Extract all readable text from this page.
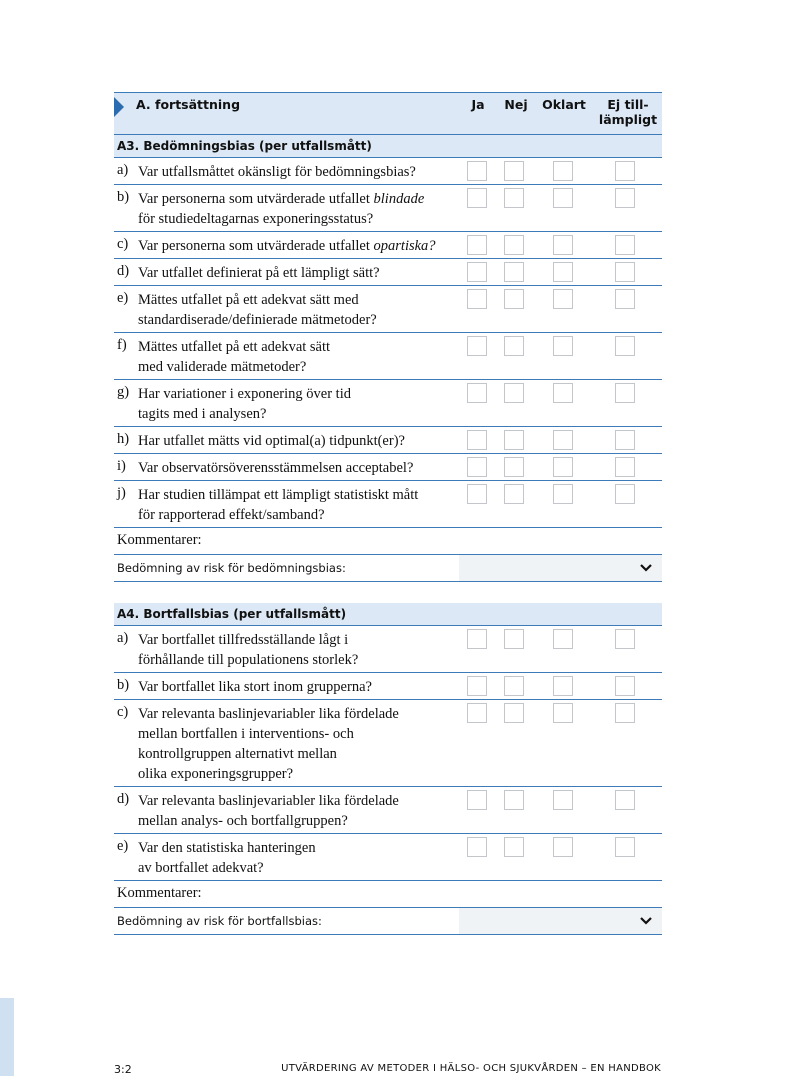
A. fortsättning	Ja	Nej Oklart	Ej till-
lämpligt
A3. Bedömningsbias (per utfallsmått)
a) Var utfallsmåttet okänsligt för bedömningsbias?
b) Var personerna som utvärderade utfallet blindade
för studiedeltagarnas exponeringsstatus?
c) Var personerna som utvärderade utfallet opartiska?
d) Var utfallet definierat på ett lämpligt sätt?
e) Mättes utfallet på ett adekvat sätt med
standardiserade/definierade mätmetoder?
f) Mättes utfallet på ett adekvat sätt
med validerade mätmetoder?
g) Har variationer i exponering över tid
tagits med i analysen?
h) Har utfallet mätts vid optimal(a) tidpunkt(er)?
i) Var observatörsöverensstämmelsen acceptabel?
j) Har studien tillämpat ett lämpligt statistiskt mått
för rapporterad effekt/samband?
Kommentarer:
Bedömning av risk för bedömningsbias:
A4. Bortfallsbias (per utfallsmått)
a) Var bortfallet tillfredsställande lågt i
förhållande till populationens storlek?
b) Var bortfallet lika stort inom grupperna?
c) Var relevanta baslinjevariabler lika fördelade
mellan bortfallen i interventions- och
kontrollgruppen alternativt mellan
olika exponeringsgrupper?
d) Var relevanta baslinjevariabler lika fördelade
mellan analys- och bortfallgruppen?
e) Var den statistiska hanteringen
av bortfallet adekvat?
Kommentarer:
Bedömning av risk för bortfallsbias:
3:2	UTVÄRDERING AV METODER I HÄLSO- OCH SJUKVÅRDEN – EN HANDBOK
